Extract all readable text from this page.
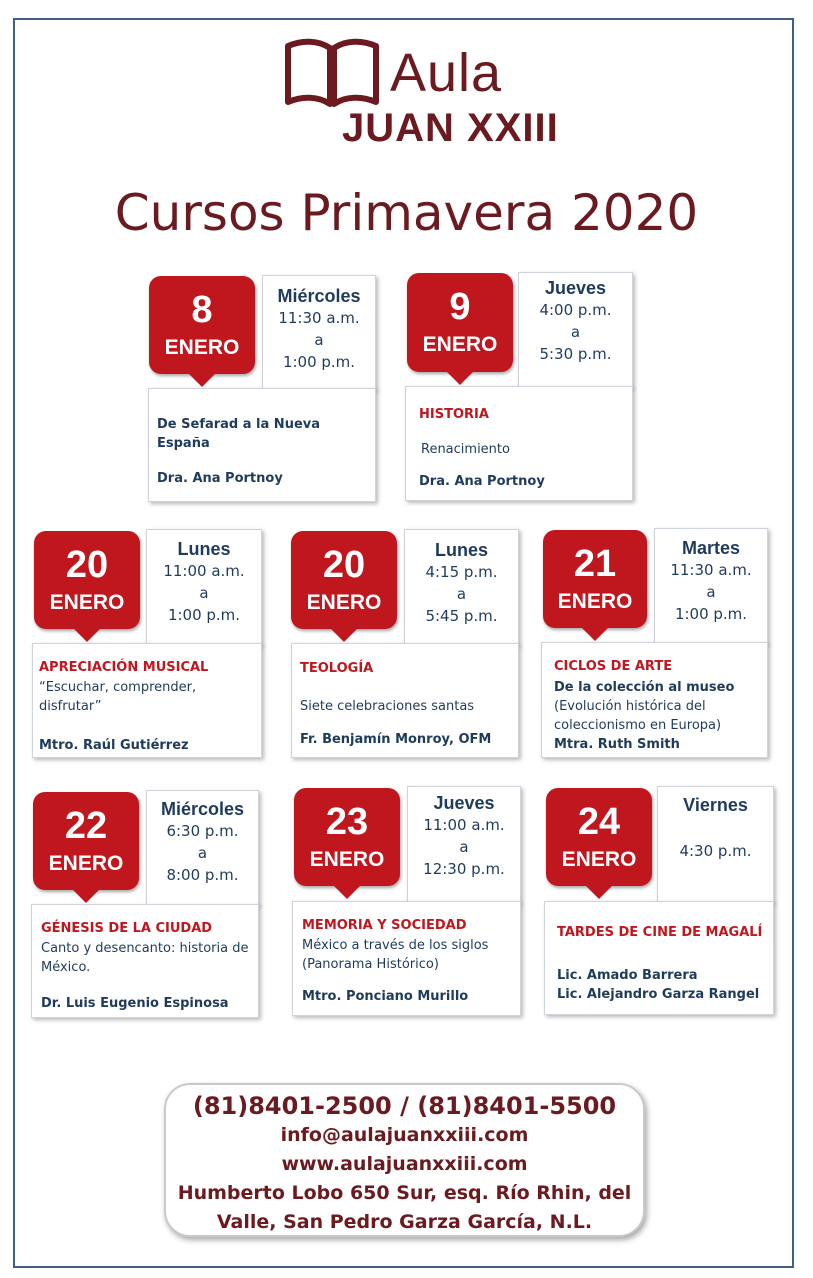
Aula
JUAN XXIII
Cursos Primavera 2020
Miércoles
11:30 a.m.
a
1:00 p.m.
De Sefarad a la Nueva España
Dra. Ana Portnoy
8
ENERO
Jueves
4:00 p.m.
a
5:30 p.m.
HISTORIA
Renacimiento
Dra. Ana Portnoy
9
ENERO
Lunes
11:00 a.m.
a
1:00 p.m.
APRECIACIÓN MUSICAL
“Escuchar, comprender, disfrutar”
Mtro. Raúl Gutiérrez
20
ENERO
Lunes
4:15 p.m.
a
5:45 p.m.
TEOLOGÍA
Siete celebraciones santas
Fr. Benjamín Monroy, OFM
20
ENERO
Martes
11:30 a.m.
a
1:00 p.m.
CICLOS DE ARTE
De la colección al museo
(Evolución histórica del coleccionismo en Europa)
Mtra. Ruth Smith
21
ENERO
Miércoles
6:30 p.m.
a
8:00 p.m.
GÉNESIS DE LA CIUDAD
Canto y desencanto: historia de México.
Dr. Luis Eugenio Espinosa
22
ENERO
Jueves
11:00 a.m.
a
12:30 p.m.
MEMORIA Y SOCIEDAD
México a través de los siglos (Panorama Histórico)
Mtro. Ponciano Murillo
23
ENERO
Viernes
4:30 p.m.
TARDES DE CINE DE MAGALÍ
Lic. Amado Barrera
Lic. Alejandro Garza Rangel
24
ENERO
(81)8401-2500 / (81)8401-5500
info@aulajuanxxiii.com
www.aulajuanxxiii.com
Humberto Lobo 650 Sur, esq. Río Rhin, del
Valle, San Pedro Garza García, N.L.
